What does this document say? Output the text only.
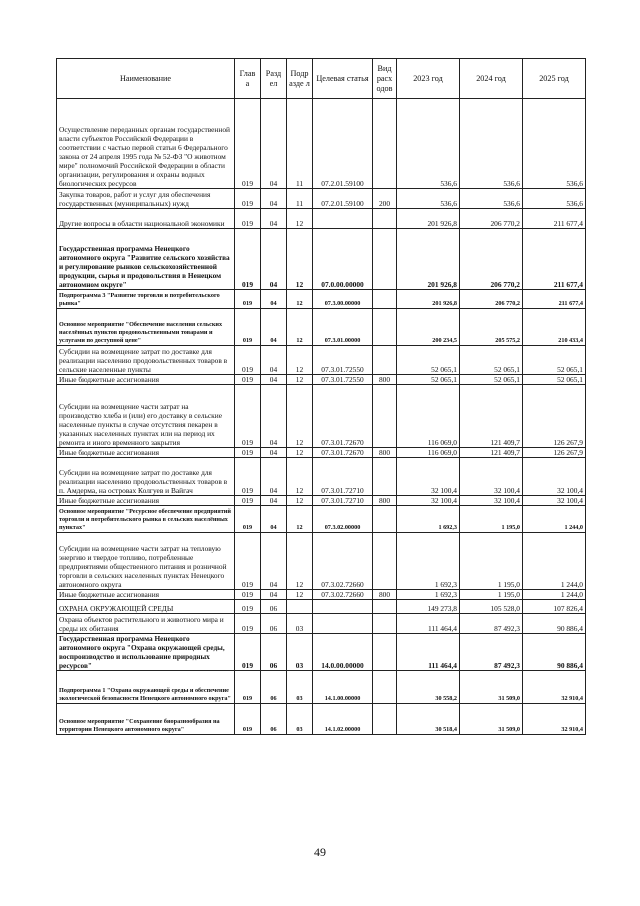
Наименование	Глав а	Разд ел	Подр азде л	Целевая статья	Вид расх одов	2023 год	2024 год	2025 год
Осуществление переданных органам государственной власти субъектов Российской Федерации в соответствии с частью первой статьи 6 Федерального закона от 24 апреля 1995 года № 52-ФЗ "О животном мире" полномочий Российской Федерации в области организации, регулирования и охраны водных биологических ресурсов	019	04	11	07.2.01.59100		536,6	536,6	536,6
Закупка товаров, работ и услуг для обеспечения государственных (муниципальных) нужд	019	04	11	07.2.01.59100	200	536,6	536,6	536,6
Другие вопросы в области национальной экономики	019	04	12			201 926,8	206 770,2	211 677,4
Государственная программа Ненецкого автономного округа "Развитие сельского хозяйства и регулирование рынков сельскохозяйственной продукции, сырья и продовольствия в Ненецком автономном округе"	019	04	12	07.0.00.00000		201 926,8	206 770,2	211 677,4
Подпрограмма 3 "Развитие торговли и потребительского рынка"	019	04	12	07.3.00.00000		201 926,8	206 770,2	211 677,4
Основное мероприятие "Обеспечение населения сельских населённых пунктов продовольственными товарами и услугами по доступной цене"	019	04	12	07.3.01.00000		200 234,5	205 575,2	210 433,4
Субсидии на возмещение затрат по доставке для реализации населению продовольственных товаров в сельские населенные пункты	019	04	12	07.3.01.72550		52 065,1	52 065,1	52 065,1
Иные бюджетные ассигнования	019	04	12	07.3.01.72550	800	52 065,1	52 065,1	52 065,1
Субсидии на возмещение части затрат на производство хлеба и (или) его доставку в сельские населенные пункты в случае отсутствия пекарен в указанных населенных пунктах или на период их ремонта и иного временного закрытия	019	04	12	07.3.01.72670		116 069,0	121 409,7	126 267,9
Иные бюджетные ассигнования	019	04	12	07.3.01.72670	800	116 069,0	121 409,7	126 267,9
Субсидии на возмещение затрат по доставке для реализации населению продовольственных товаров в п. Амдерма, на островах Колгуев и Вайгач	019	04	12	07.3.01.72710		32 100,4	32 100,4	32 100,4
Иные бюджетные ассигнования	019	04	12	07.3.01.72710	800	32 100,4	32 100,4	32 100,4
Основное мероприятие "Ресурсное обеспечение предприятий торговли и потребительского рынка в сельских населённых пунктах"	019	04	12	07.3.02.00000		1 692,3	1 195,0	1 244,0
Субсидии на возмещение части затрат на тепловую энергию и твердое топливо, потребленные предприятиями общественного питания и розничной торговли в сельских населенных пунктах Ненецкого автономного округа	019	04	12	07.3.02.72660		1 692,3	1 195,0	1 244,0
Иные бюджетные ассигнования	019	04	12	07.3.02.72660	800	1 692,3	1 195,0	1 244,0
ОХРАНА ОКРУЖАЮЩЕЙ СРЕДЫ	019	06				149 273,8	105 528,0	107 826,4
Охрана объектов растительного и животного мира и среды их обитания	019	06	03			111 464,4	87 492,3	90 886,4
Государственная программа Ненецкого автономного округа "Охрана окружающей среды, воспроизводство и использование природных ресурсов"	019	06	03	14.0.00.00000		111 464,4	87 492,3	90 886,4
Подпрограмма 1 "Охрана окружающей среды и обеспечение экологической безопасности Ненецкого автономного округа"	019	06	03	14.1.00.00000		30 558,2	31 509,0	32 910,4
Основное мероприятие "Сохранение биоразнообразия на территории Ненецкого автономного округа"	019	06	03	14.1.02.00000		30 518,4	31 509,0	32 910,4
49
